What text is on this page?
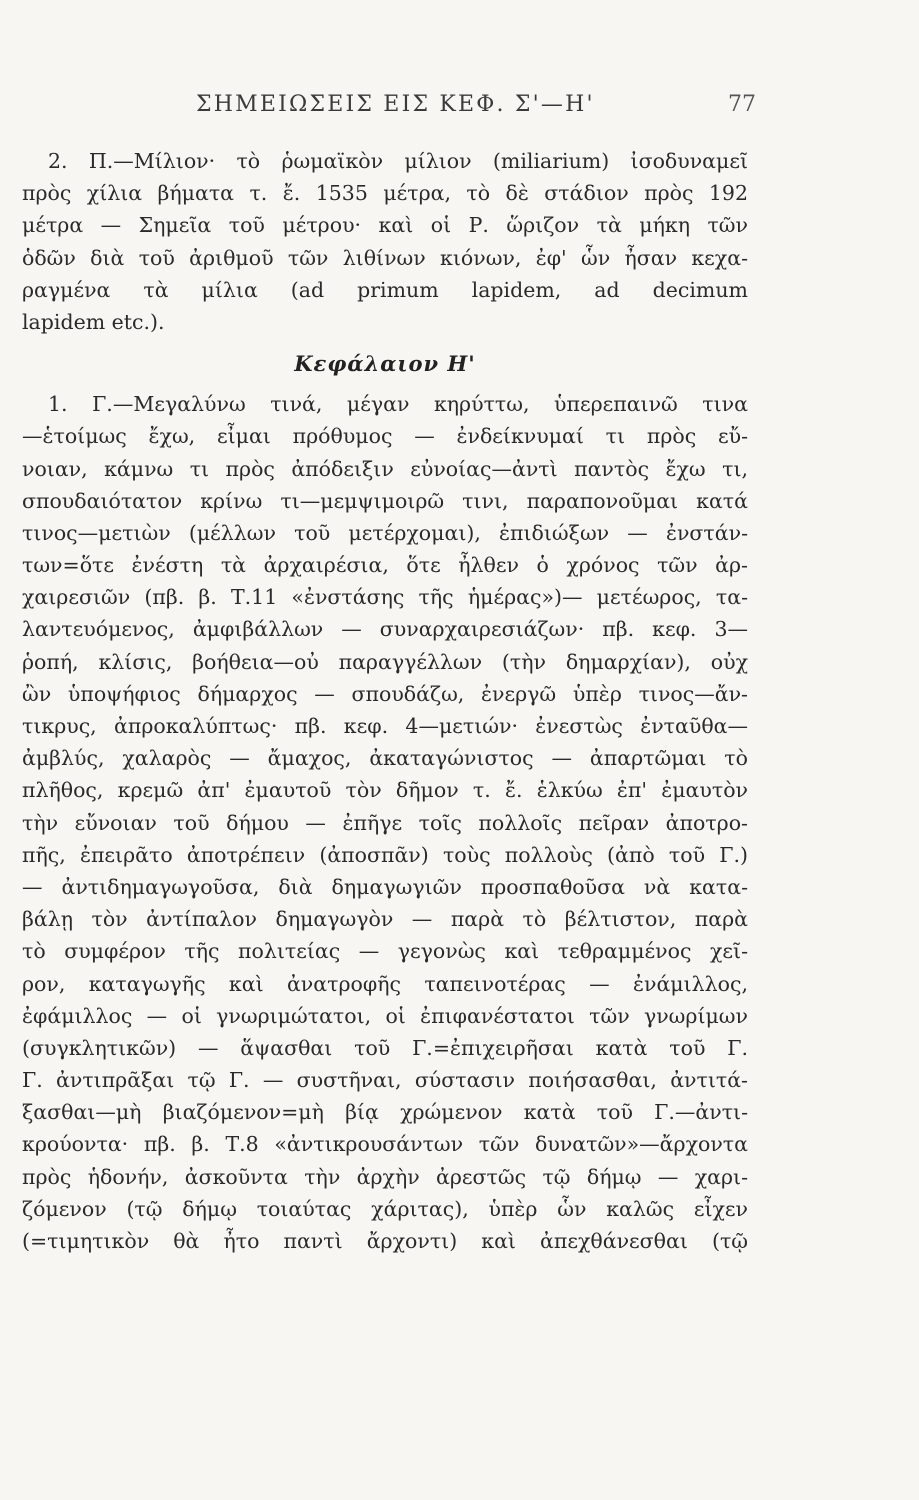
ΣΗΜΕΙΩΣΕΙΣ ΕΙΣ ΚΕΦ. Σ'—Η'	77
2. Π.—Μίλιον· τὸ ῥωμαϊκὸν μίλιον (miliarium) ἰσοδυναμεῖ
πρὸς χίλια βήματα τ. ἔ. 1535 μέτρα, τὸ δὲ στάδιον πρὸς 192
μέτρα — Σημεῖα τοῦ μέτρου· καὶ οἱ Ρ. ὥριζον τὰ μήκη τῶν
ὁδῶν διὰ τοῦ ἀριθμοῦ τῶν λιθίνων κιόνων, ἐφ' ὧν ἦσαν κεχα-
ραγμένα τὰ μίλια (ad primum lapidem, ad decimum
lapidem etc.).
Κεφάλαιον Η'
1. Γ.—Μεγαλύνω τινά, μέγαν κηρύττω, ὑπερεπαινῶ τινα
—ἑτοίμως ἔχω, εἶμαι πρόθυμος — ἐνδείκνυμαί τι πρὸς εὔ-
νοιαν, κάμνω τι πρὸς ἀπόδειξιν εὐνοίας—ἀντὶ παντὸς ἔχω τι,
σπουδαιότατον κρίνω τι—μεμψιμοιρῶ τινι, παραπονοῦμαι κατά
τινος—μετιὼν (μέλλων τοῦ μετέρχομαι), ἐπιδιώξων — ἐνστάν-
των=ὅτε ἐνέστη τὰ ἀρχαιρέσια, ὅτε ἦλθεν ὁ χρόνος τῶν ἀρ-
χαιρεσιῶν (πβ. β. Τ.11 «ἐνστάσης τῆς ἡμέρας»)— μετέωρος, τα-
λαντευόμενος, ἀμφιβάλλων — συναρχαιρεσιάζων· πβ. κεφ. 3—
ῥοπή, κλίσις, βοήθεια—οὐ παραγγέλλων (τὴν δημαρχίαν), οὐχ
ὢν ὑποψήφιος δήμαρχος — σπουδάζω, ἐνεργῶ ὑπὲρ τινος—ἄν-
τικρυς, ἀπροκαλύπτως· πβ. κεφ. 4—μετιών· ἐνεστὼς ἐνταῦθα—
ἀμβλύς, χαλαρὸς — ἄμαχος, ἀκαταγώνιστος — ἀπαρτῶμαι τὸ
πλῆθος, κρεμῶ ἀπ' ἐμαυτοῦ τὸν δῆμον τ. ἔ. ἑλκύω ἐπ' ἐμαυτὸν
τὴν εὔνοιαν τοῦ δήμου — ἐπῆγε τοῖς πολλοῖς πεῖραν ἀποτρο-
πῆς, ἐπειρᾶτο ἀποτρέπειν (ἀποσπᾶν) τοὺς πολλοὺς (ἀπὸ τοῦ Γ.)
— ἀντιδημαγωγοῦσα, διὰ δημαγωγιῶν προσπαθοῦσα νὰ κατα-
βάλῃ τὸν ἀντίπαλον δημαγωγὸν — παρὰ τὸ βέλτιστον, παρὰ
τὸ συμφέρον τῆς πολιτείας — γεγονὼς καὶ τεθραμμένος χεῖ-
ρον, καταγωγῆς καὶ ἀνατροφῆς ταπεινοτέρας — ἐνάμιλλος,
ἐφάμιλλος — οἱ γνωριμώτατοι, οἱ ἐπιφανέστατοι τῶν γνωρίμων
(συγκλητικῶν) — ἅψασθαι τοῦ Γ.=ἐπιχειρῆσαι κατὰ τοῦ Γ.
Γ. ἀντιπρᾶξαι τῷ Γ. — συστῆναι, σύστασιν ποιήσασθαι, ἀντιτά-
ξασθαι—μὴ βιαζόμενον=μὴ βίᾳ χρώμενον κατὰ τοῦ Γ.—ἀντι-
κρούοντα· πβ. β. Τ.8 «ἀντικρουσάντων τῶν δυνατῶν»—ἄρχοντα
πρὸς ἡδονήν, ἀσκοῦντα τὴν ἀρχὴν ἀρεστῶς τῷ δήμῳ — χαρι-
ζόμενον (τῷ δήμῳ τοιαύτας χάριτας), ὑπὲρ ὧν καλῶς εἶχεν
(=τιμητικὸν θὰ ἦτο παντὶ ἄρχοντι) καὶ ἀπεχθάνεσθαι (τῷ
